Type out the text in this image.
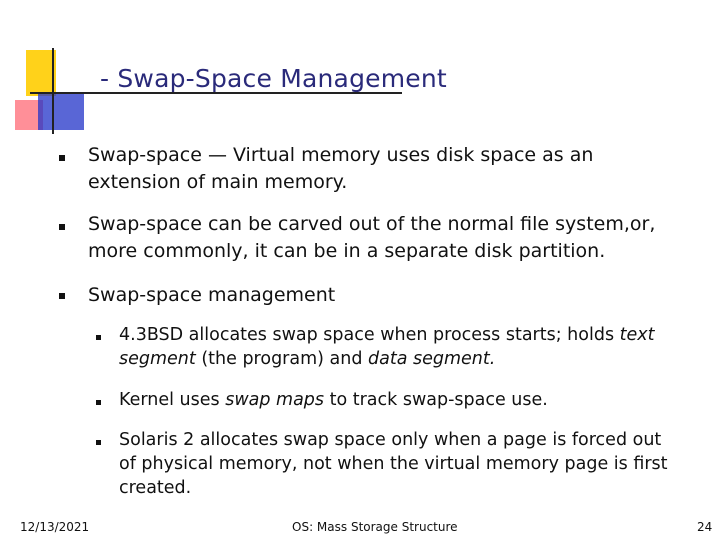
- Swap-Space Management
Swap-space — Virtual memory uses disk space as an extension of main memory.
Swap-space can be carved out of the normal file system,or, more commonly, it can be in a separate disk partition.
Swap-space management
4.3BSD allocates swap space when process starts; holds text segment (the program) and data segment.
Kernel uses swap maps to track swap-space use.
Solaris 2 allocates swap space only when a page is forced out of physical memory, not when the virtual memory page is first created.
12/13/2021	OS: Mass Storage Structure	24
